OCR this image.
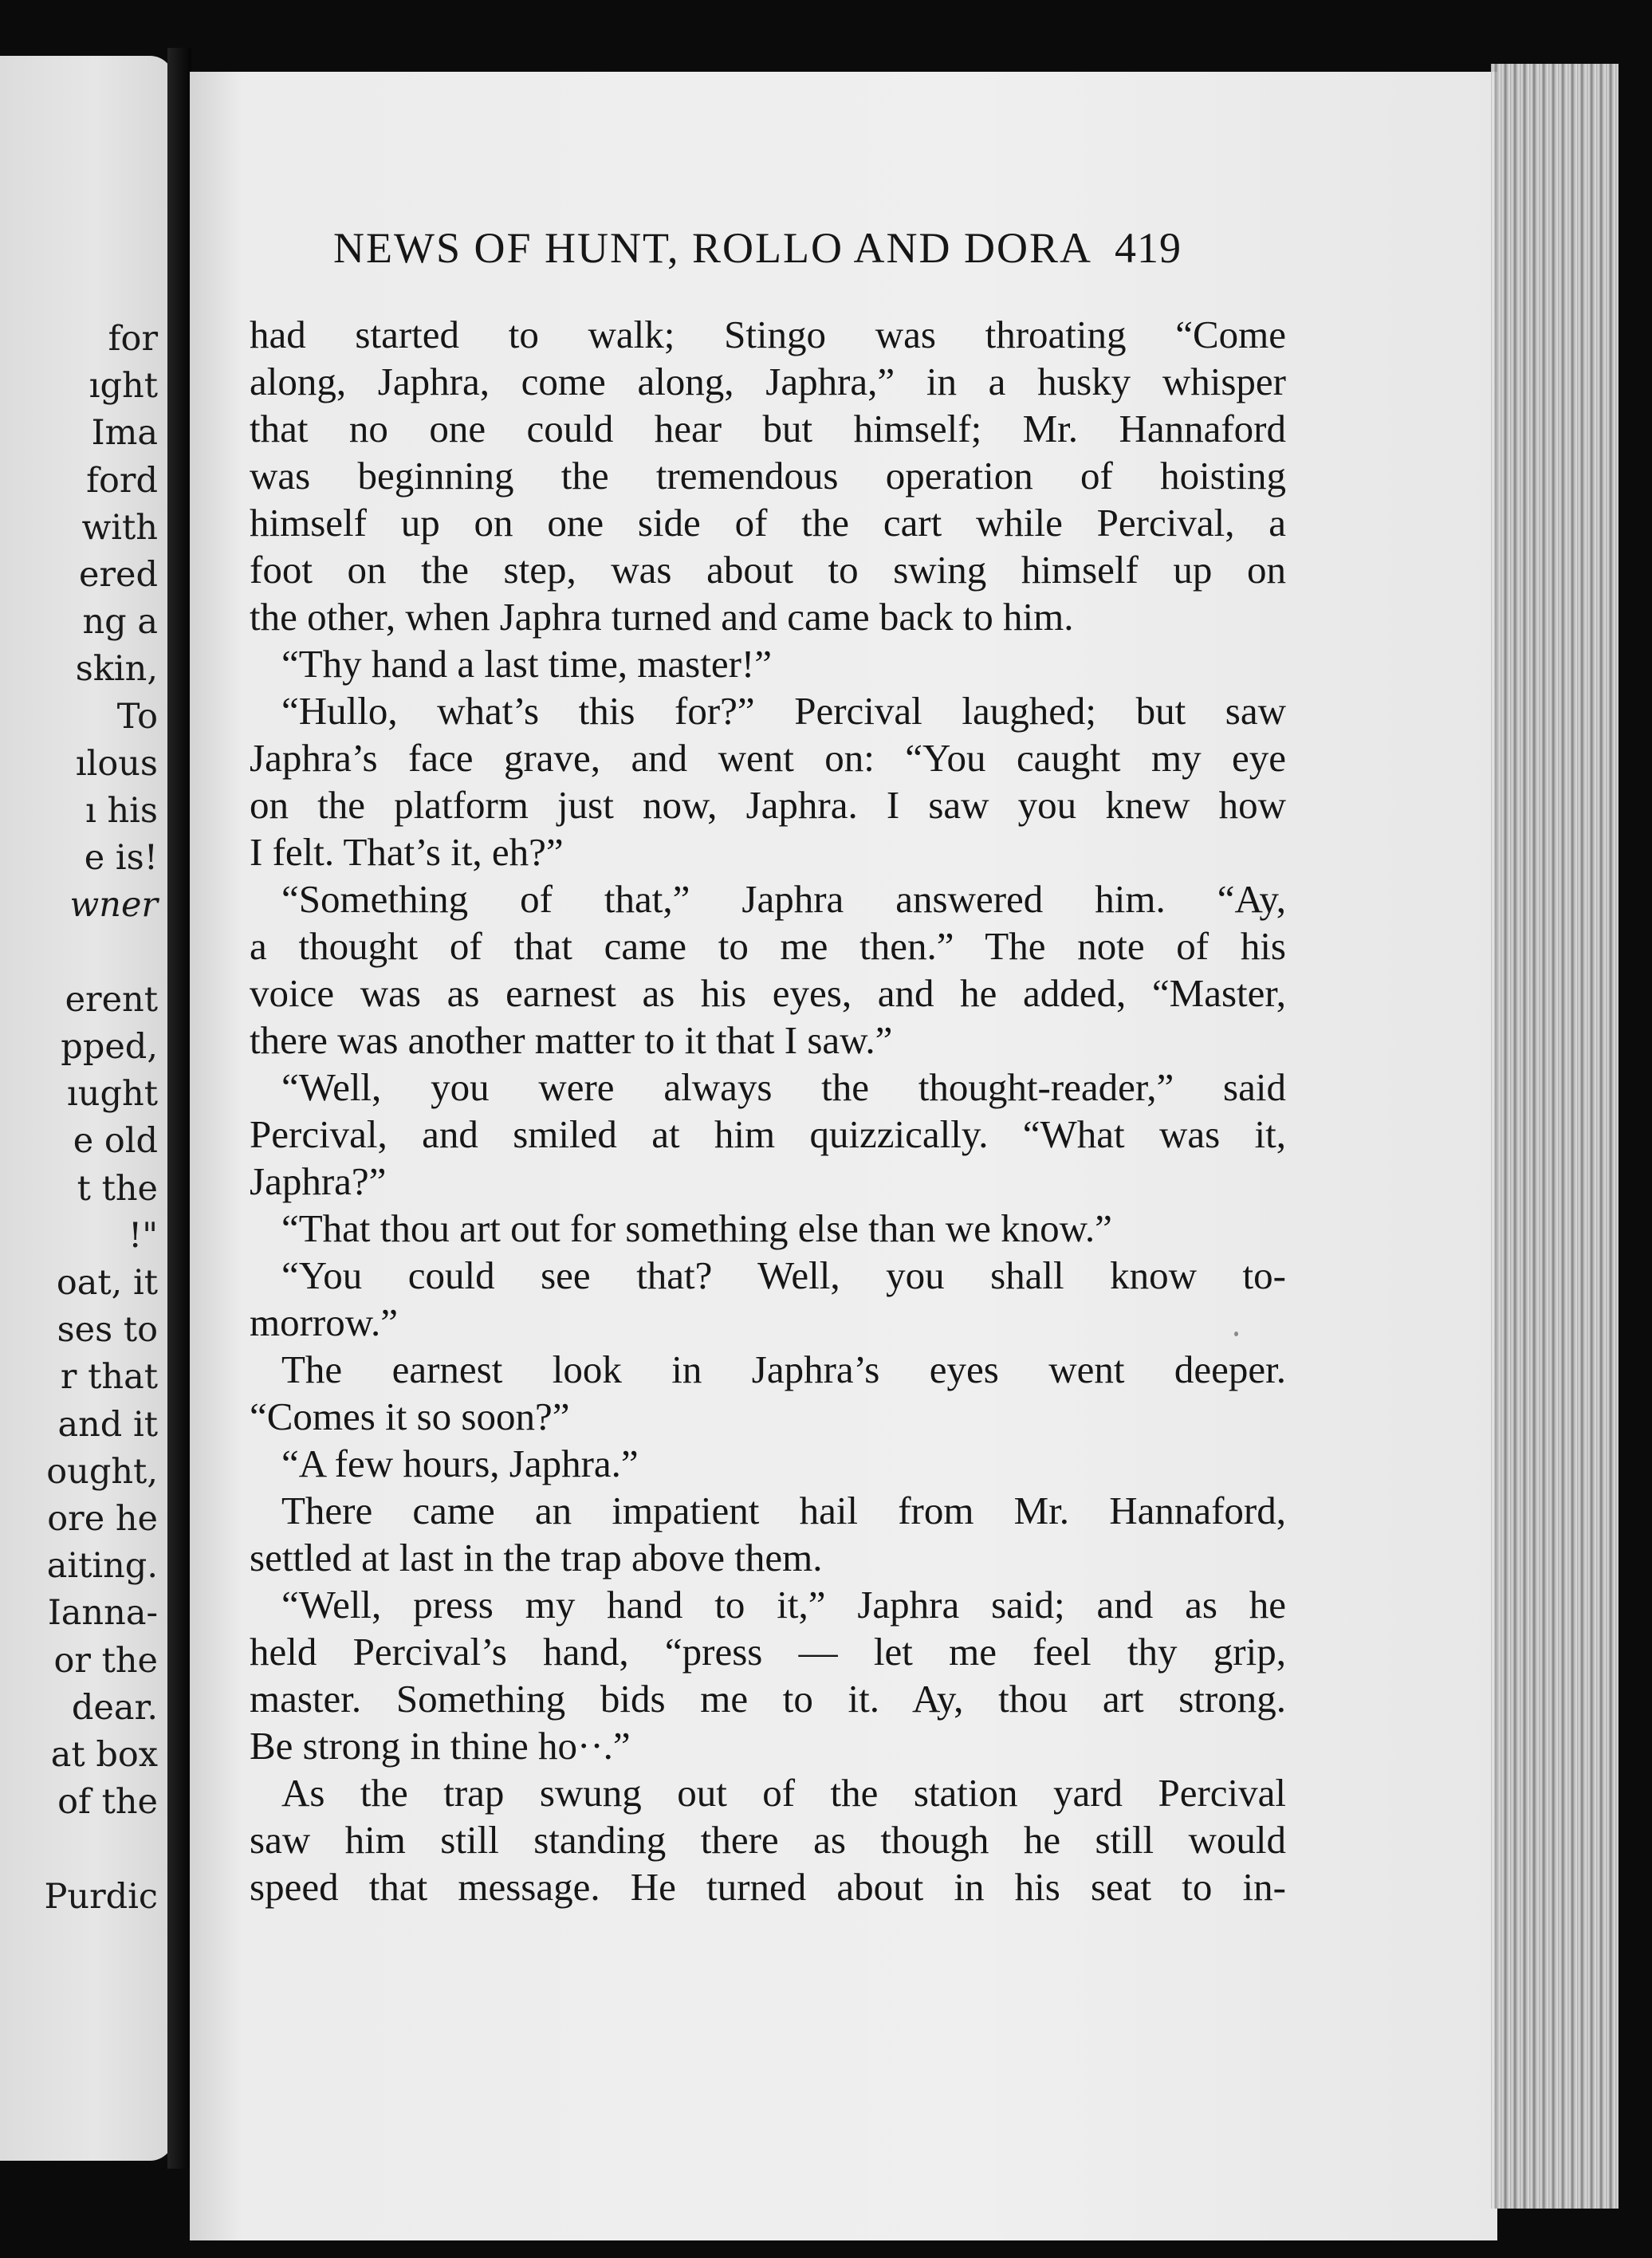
for
ıght
Ima
ford
with
ered
ng a
skin,
To
ılous
ı his
e is!
wner
erent
pped,
ıught
e old
t the
!"
oat, it
ses to
r that
and it
ought,
ore he
aiting.
Ianna-
or the
dear.
at box
of the
Purdic
NEWS OF HUNT, ROLLO AND DORA 419
had started to walk; Stingo was throating “Come
along, Japhra, come along, Japhra,” in a husky whisper
that no one could hear but himself; Mr. Hannaford
was beginning the tremendous operation of hoisting
himself up on one side of the cart while Percival, a
foot on the step, was about to swing himself up on
the other, when Japhra turned and came back to him.
“Thy hand a last time, master!”
“Hullo, what’s this for?” Percival laughed; but saw
Japhra’s face grave, and went on: “You caught my eye
on the platform just now, Japhra. I saw you knew how
I felt. That’s it, eh?”
“Something of that,” Japhra answered him. “Ay,
a thought of that came to me then.” The note of his
voice was as earnest as his eyes, and he added, “Master,
there was another matter to it that I saw.”
“Well, you were always the thought-reader,” said
Percival, and smiled at him quizzically. “What was it,
Japhra?”
“That thou art out for something else than we know.”
“You could see that? Well, you shall know to-
morrow.”
The earnest look in Japhra’s eyes went deeper.
“Comes it so soon?”
“A few hours, Japhra.”
There came an impatient hail from Mr. Hannaford,
settled at last in the trap above them.
“Well, press my hand to it,” Japhra said; and as he
held Percival’s hand, “press — let me feel thy grip,
master. Something bids me to it. Ay, thou art strong.
Be strong in thine ho··.”
As the trap swung out of the station yard Percival
saw him still standing there as though he still would
speed that message. He turned about in his seat to in-
